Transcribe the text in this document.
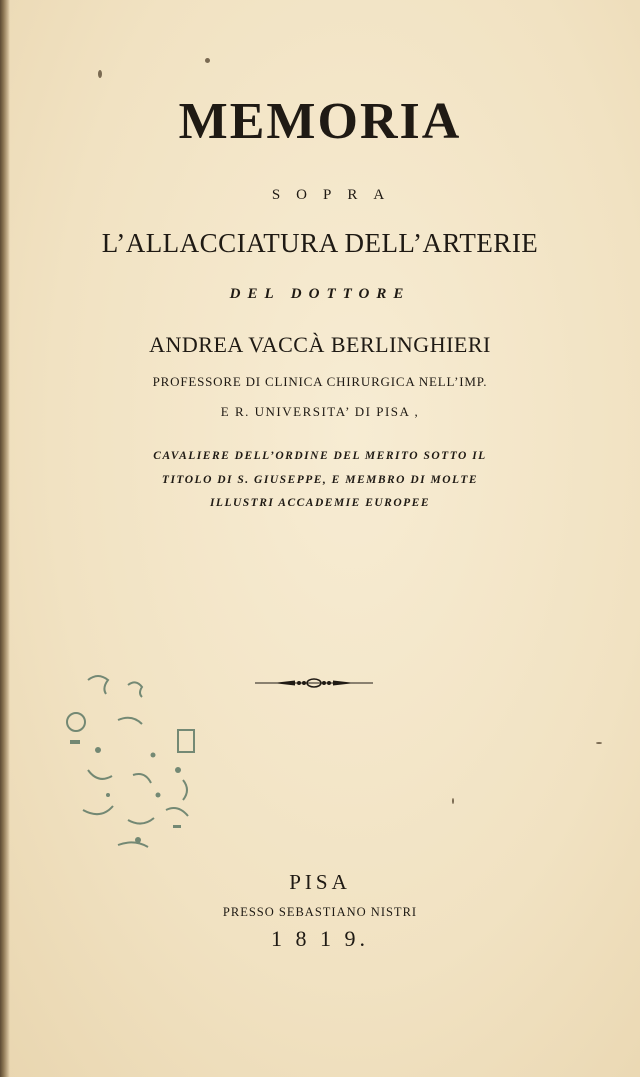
MEMORIA
SOPRA
L’ALLACCIATURA DELL’ARTERIE
DEL DOTTORE
ANDREA VACCÀ BERLINGHIERI
PROFESSORE DI CLINICA CHIRURGICA NELL’IMP.
E R. UNIVERSITA’ DI PISA ,
CAVALIERE DELL’ORDINE DEL MERITO SOTTO IL
TITOLO DI S. GIUSEPPE, E MEMBRO DI MOLTE
ILLUSTRI ACCADEMIE EUROPEE
PISA
PRESSO SEBASTIANO NISTRI
1 8 1 9.
